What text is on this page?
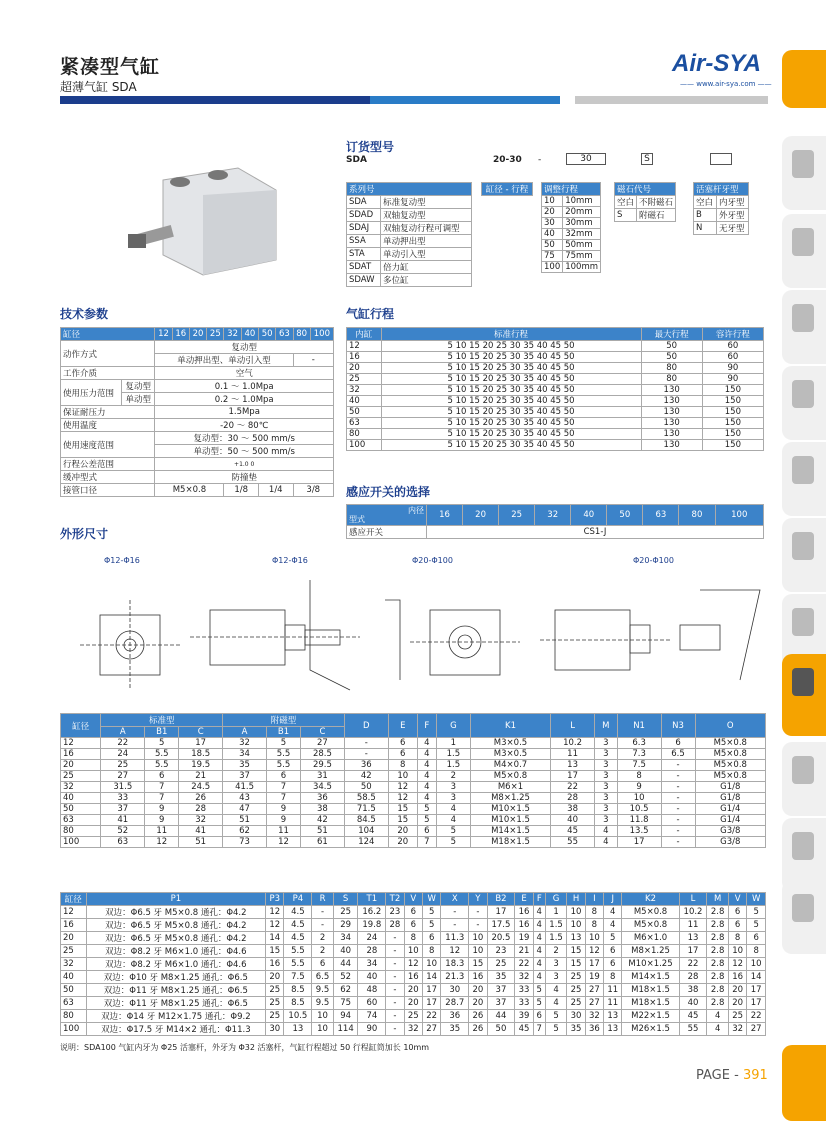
紧凑型气缸
超薄气缸 SDA
Air-SYA
—— www.air-sya.com ——
订货型号
SDA	20-30 -	30	S
系列号	
SDA	标准复动型
SDAD	双轴复动型
SDAJ	双轴复动行程可调型
SSA	单动押出型
STA	单动引入型
SDAT	倍力缸
SDAW	多位缸
缸径 - 行程 调整行程	
10	10mm
20	20mm
30	30mm
40	32mm
50	50mm
75	75mm
100	100mm
磁石代号	
空白	不附磁石
S	附磁石
活塞杆牙型	
空白	内牙型
B	外牙型
N	无牙型
技术参数
缸径		12	16	20	25	32	40	50	63	80	100
动作方式		复动型									
		单动押出型、单动引入型								-	
工作介质		空气									
使用压力范围	复动型	0.1 ～ 1.0Mpa									
	单动型	0.2 ～ 1.0Mpa									
保证耐压力		1.5Mpa									
使用温度		-20 ～ 80℃									
使用速度范围		复动型：30 ～ 500 mm/s									
		单动型：50 ～ 500 mm/s									
行程公差范围		+1.0 0									
缓冲型式		防撞垫									
接管口径		M5×0.8				1/8		1/4		3/8	
气缸行程
内缸	标准行程	最大行程	容许行程
12	5 10 15 20 25 30 35 40 45 50	50	60
16	5 10 15 20 25 30 35 40 45 50	50	60
20	5 10 15 20 25 30 35 40 45 50	80	90
25	5 10 15 20 25 30 35 40 45 50	80	90
32	5 10 15 20 25 30 35 40 45 50	130	150
40	5 10 15 20 25 30 35 40 45 50	130	150
50	5 10 15 20 25 30 35 40 45 50	130	150
63	5 10 15 20 25 30 35 40 45 50	130	150
80	5 10 15 20 25 30 35 40 45 50	130	150
100	5 10 15 20 25 30 35 40 45 50	130	150
感应开关的选择
内径

型式	16	20	25	32	40	50	63	80	100
感应开关	CS1-J								
外形尺寸
Φ12-Φ16	Φ12-Φ16	Φ20-Φ100	Φ20-Φ100
缸径	标准型			附磁型			D	E	F	G	K1	L	M	N1	N3	O
	A	B1	C	A	B1	C										
12	22	5	17	32	5	27	-	6	4	1	M3×0.5	10.2	3	6.3	6	M5×0.8
16	24	5.5	18.5	34	5.5	28.5	-	6	4	1.5	M3×0.5	11	3	7.3	6.5	M5×0.8
20	25	5.5	19.5	35	5.5	29.5	36	8	4	1.5	M4×0.7	13	3	7.5	-	M5×0.8
25	27	6	21	37	6	31	42	10	4	2	M5×0.8	17	3	8	-	M5×0.8
32	31.5	7	24.5	41.5	7	34.5	50	12	4	3	M6×1	22	3	9	-	G1/8
40	33	7	26	43	7	36	58.5	12	4	3	M8×1.25	28	3	10	-	G1/8
50	37	9	28	47	9	38	71.5	15	5	4	M10×1.5	38	3	10.5	-	G1/4
63	41	9	32	51	9	42	84.5	15	5	4	M10×1.5	40	3	11.8	-	G1/4
80	52	11	41	62	11	51	104	20	6	5	M14×1.5	45	4	13.5	-	G3/8
100	63	12	51	73	12	61	124	20	7	5	M18×1.5	55	4	17	-	G3/8
缸径	P1	P3	P4	R	S	T1	T2	V	W	X	Y	B2	E	F	G	H	I	J	K2	L	M	V	W
12	双边：Φ6.5 牙 M5×0.8 通孔：Φ4.2	12	4.5	-	25	16.2	23	6	5	-	-	17	16	4	1	10	8	4	M5×0.8	10.2	2.8	6	5
16	双边：Φ6.5 牙 M5×0.8 通孔：Φ4.2	12	4.5	-	29	19.8	28	6	5	-	-	17.5	16	4	1.5	10	8	4	M5×0.8	11	2.8	6	5
20	双边：Φ6.5 牙 M5×0.8 通孔：Φ4.2	14	4.5	2	34	24	-	8	6	11.3	10	20.5	19	4	1.5	13	10	5	M6×1.0	13	2.8	8	6
25	双边：Φ8.2 牙 M6×1.0 通孔：Φ4.6	15	5.5	2	40	28	-	10	8	12	10	23	21	4	2	15	12	6	M8×1.25	17	2.8	10	8
32	双边：Φ8.2 牙 M6×1.0 通孔：Φ4.6	16	5.5	6	44	34	-	12	10	18.3	15	25	22	4	3	15	17	6	M10×1.25	22	2.8	12	10
40	双边：Φ10 牙 M8×1.25 通孔：Φ6.5	20	7.5	6.5	52	40	-	16	14	21.3	16	35	32	4	3	25	19	8	M14×1.5	28	2.8	16	14
50	双边：Φ11 牙 M8×1.25 通孔：Φ6.5	25	8.5	9.5	62	48	-	20	17	30	20	37	33	5	4	25	27	11	M18×1.5	38	2.8	20	17
63	双边：Φ11 牙 M8×1.25 通孔：Φ6.5	25	8.5	9.5	75	60	-	20	17	28.7	20	37	33	5	4	25	27	11	M18×1.5	40	2.8	20	17
80	双边：Φ14 牙 M12×1.75 通孔：Φ9.2	25	10.5	10	94	74	-	25	22	36	26	44	39	6	5	30	32	13	M22×1.5	45	4	25	22
100	双边：Φ17.5 牙 M14×2 通孔：Φ11.3	30	13	10	114	90	-	32	27	35	26	50	45	7	5	35	36	13	M26×1.5	55	4	32	27
说明：SDA100 气缸内牙为 Φ25 活塞杆，外牙为 Φ32 活塞杆，气缸行程超过 50 行程缸筒加长 10mm
PAGE - 391
